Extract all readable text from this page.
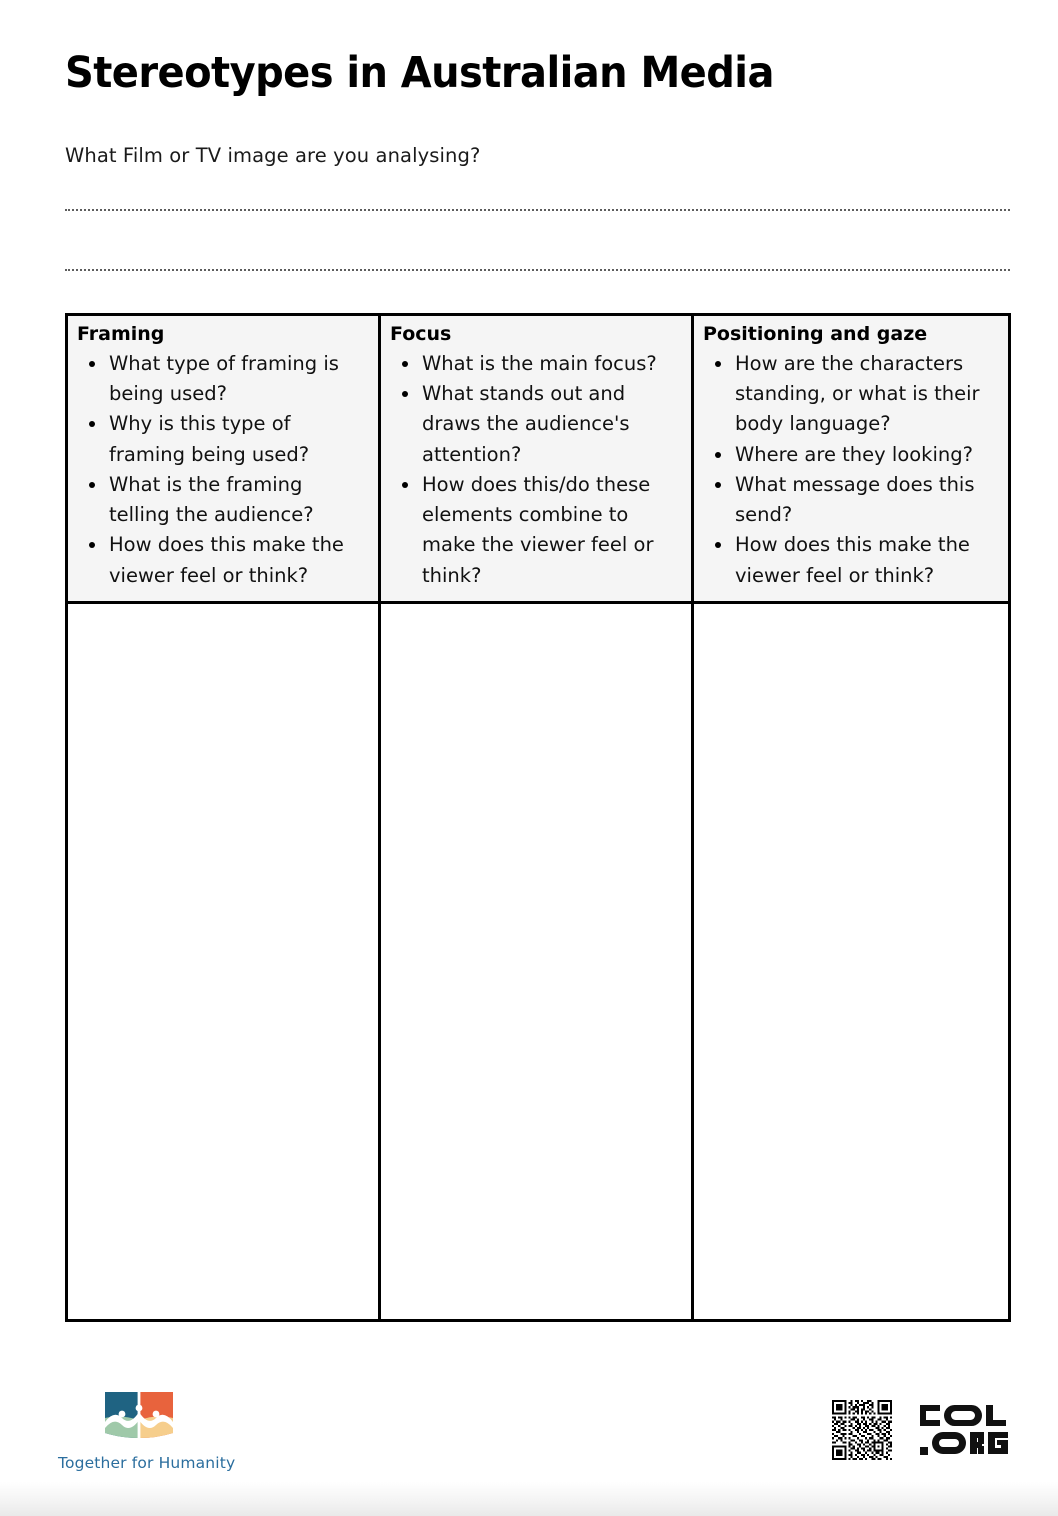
Stereotypes in Australian Media

What Film or TV image are you analysing?

Framing
What type of framing is being used?
Why is this type of framing being used?
What is the framing telling the audience?
How does this make the viewer feel or think?

Focus
What is the main focus?
What stands out and draws the audience's attention?
How does this/do these elements combine to make the viewer feel or think?

Positioning and gaze
How are the characters standing, or what is their body language?
Where are they looking?
What message does this send?
How does this make the viewer feel or think?

Together for Humanity
